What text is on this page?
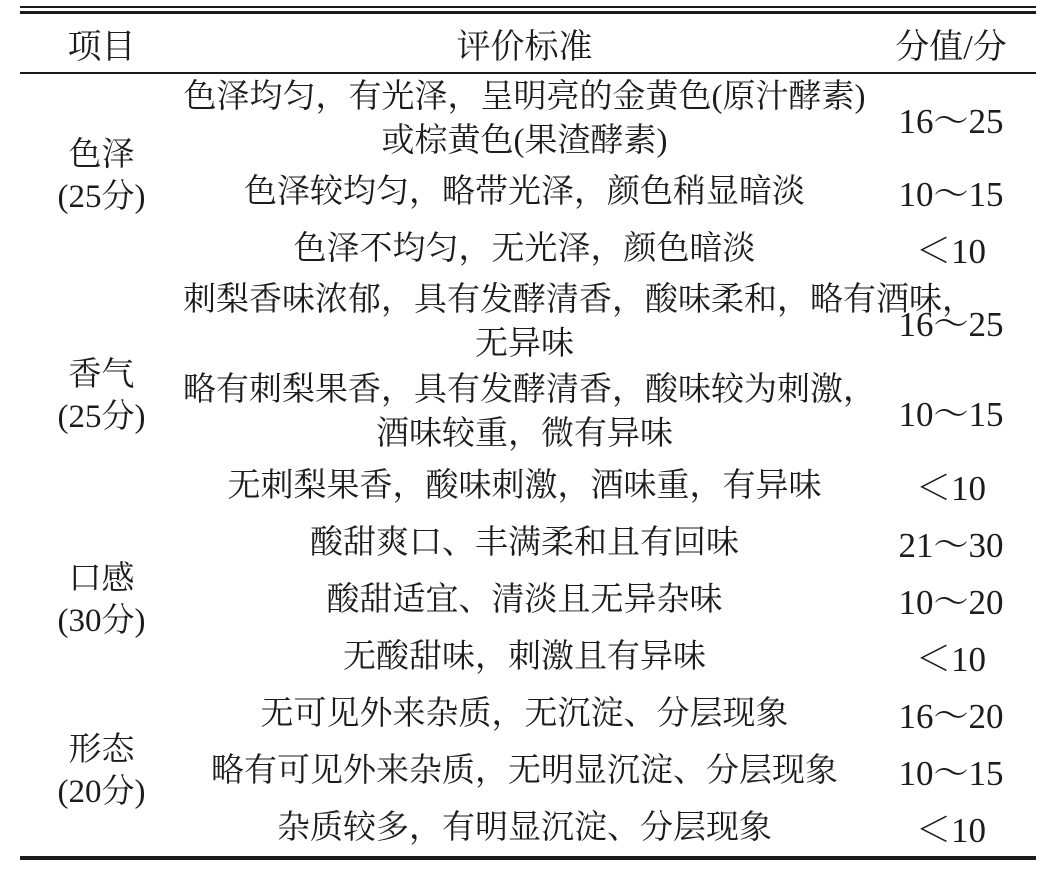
项目	评价标准	分值/分

色泽
(25分)

色泽均匀，有光泽，呈明亮的金黄色(原汁酵素)
或棕黄色(果渣酵素)	16～25

	色泽较均匀，略带光泽，颜色稍显暗淡	10～15

	色泽不均匀，无光泽，颜色暗淡	＜10

香气
(25分)

刺梨香味浓郁，具有发酵清香，酸味柔和，略有酒味，
无异味	16～25

	略有刺梨果香，具有发酵清香，酸味较为刺激，
酒味较重，微有异味	10～15

	无刺梨果香，酸味刺激，酒味重，有异味	＜10

口感
(30分)	酸甜爽口、丰满柔和且有回味	21～30

	酸甜适宜、清淡且无异杂味	10～20

	无酸甜味，刺激且有异味	＜10

形态
(20分)	无可见外来杂质，无沉淀、分层现象	16～20

	略有可见外来杂质，无明显沉淀、分层现象	10～15

	杂质较多，有明显沉淀、分层现象	＜10
